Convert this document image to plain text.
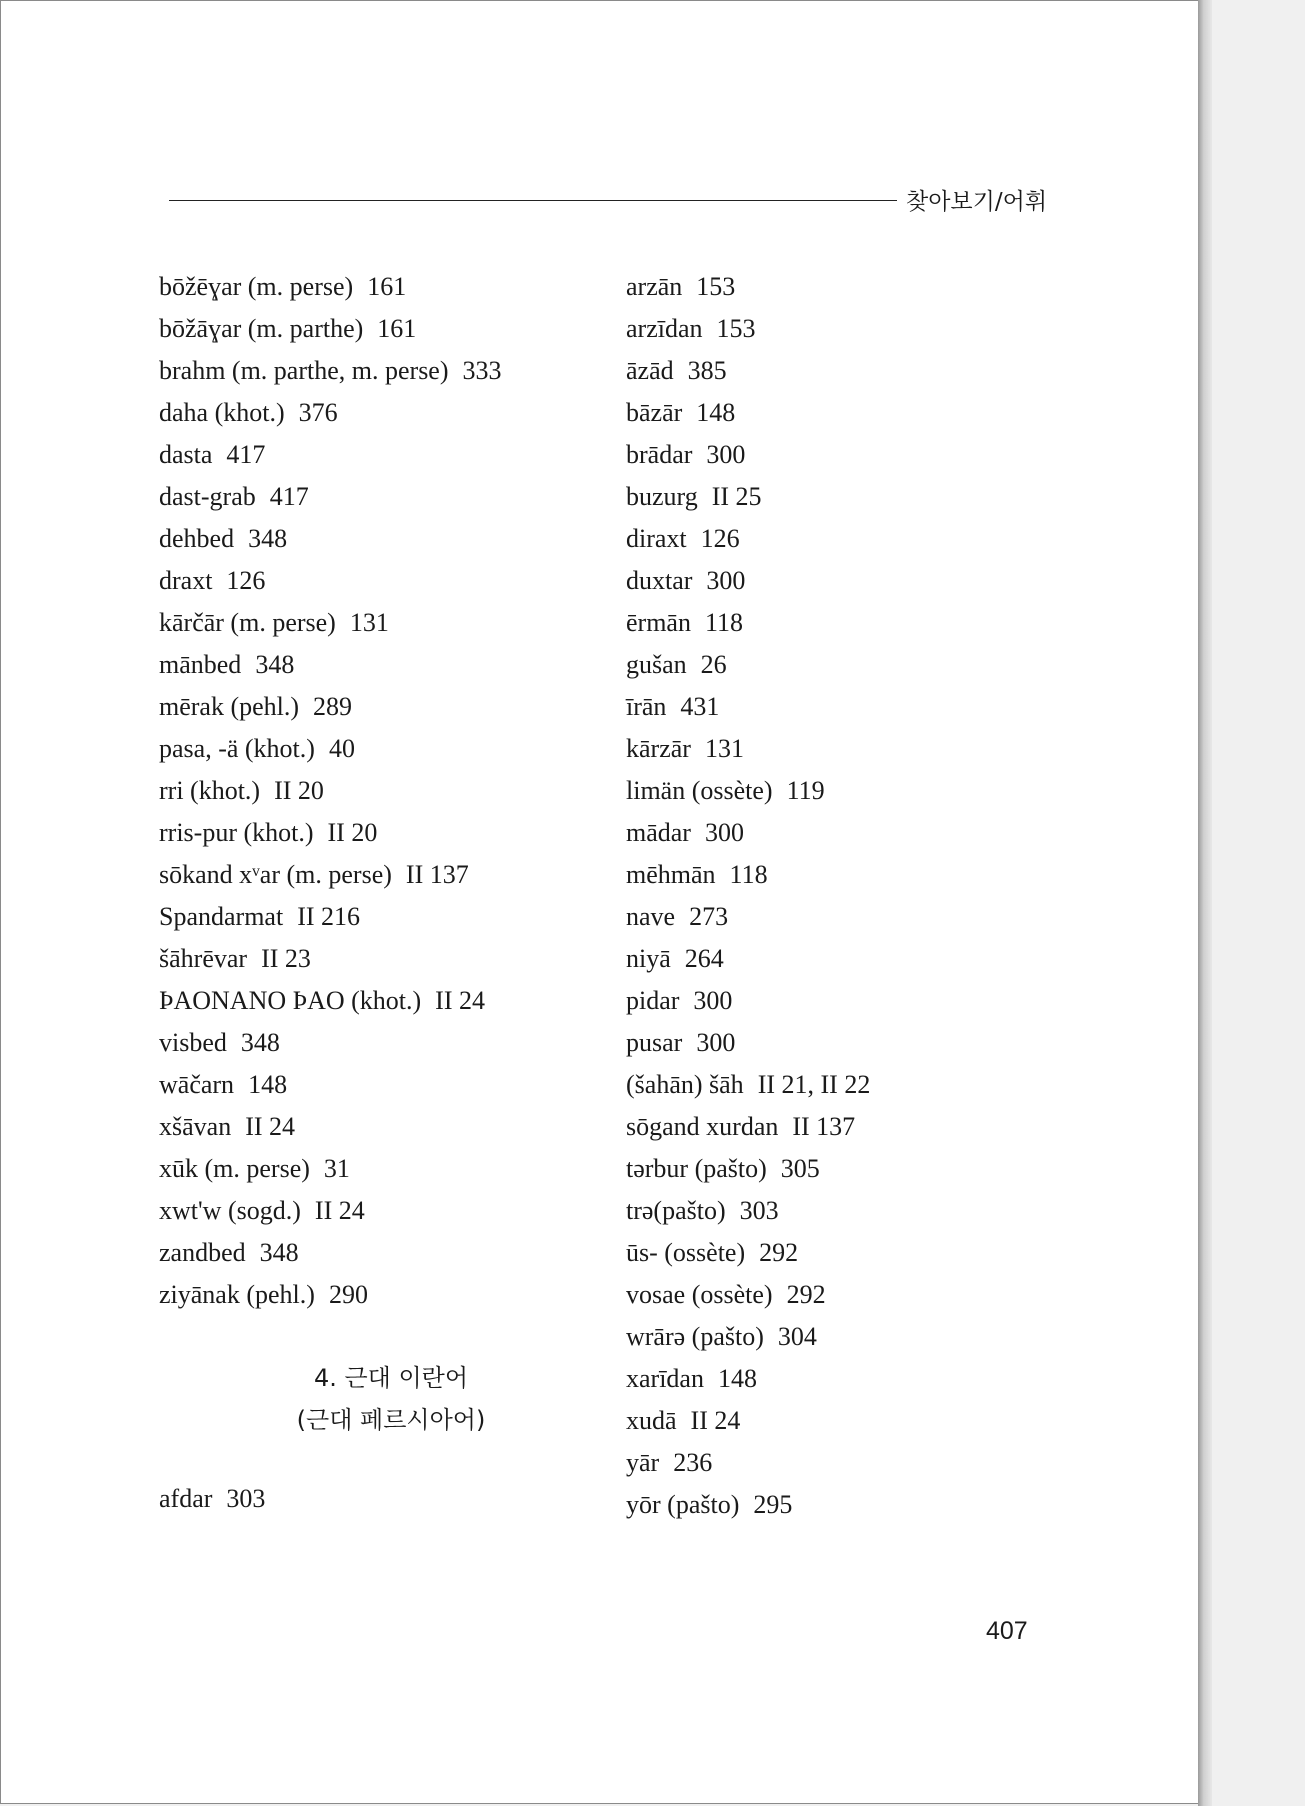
찾아보기/어휘
bōžēɣar (m. perse) 161
bōžāɣar (m. parthe) 161
brahm (m. parthe, m. perse) 333
daha (khot.) 376
dasta 417
dast-grab 417
dehbed 348
draxt 126
kārčār (m. perse) 131
mānbed 348
mērak (pehl.) 289
pasa, -ä (khot.) 40
rri (khot.) II 20
rris-pur (khot.) II 20
sōkand xᵛar (m. perse) II 137
Spandarmat II 216
šāhrēvar II 23
ÞAONANO ÞAO (khot.) II 24
visbed 348
wāčarn 148
xšāvan II 24
xūk (m. perse) 31
xwt'w (sogd.) II 24
zandbed 348
ziyānak (pehl.) 290
4. 근대 이란어
(근대 페르시아어)
afdar 303
arzān 153
arzīdan 153
āzād 385
bāzār 148
brādar 300
buzurg II 25
diraxt 126
duxtar 300
ērmān 118
gušan 26
īrān 431
kārzār 131
limän (ossète) 119
mādar 300
mēhmān 118
nave 273
niyā 264
pidar 300
pusar 300
(šahān) šāh II 21, II 22
sōgand xurdan II 137
tərbur (pašto) 305
trə(pašto) 303
ūs- (ossète) 292
vosae (ossète) 292
wrārə (pašto) 304
xarīdan 148
xudā II 24
yār 236
yōr (pašto) 295
407
